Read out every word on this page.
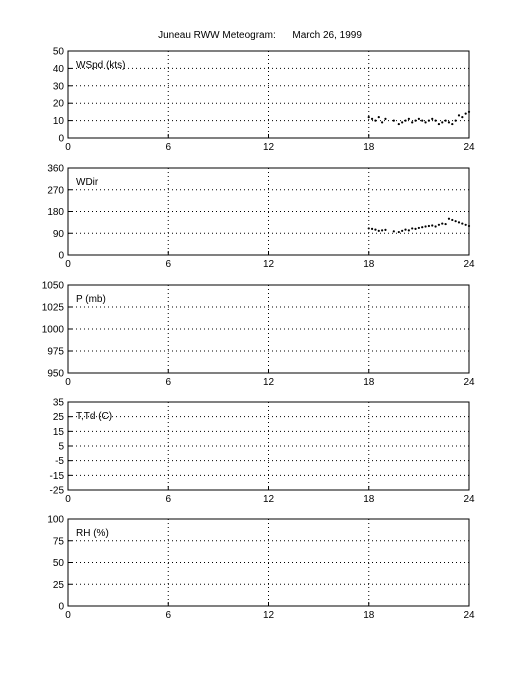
Juneau RWW Meteogram:      March 26, 1999
0	6	12	18	24
0
10
20
30
40
50
WSpd (kts)
0	6	12	18	24
0
90
180
270
360
WDir
0	6	12	18	24
950
975
1000
1025
1050
P (mb)
0	6	12	18	24
-25
-15
-5
5
15
25
35
T,Td (C)
0	6	12	18	24
0
25
50
75
100
RH (%)
